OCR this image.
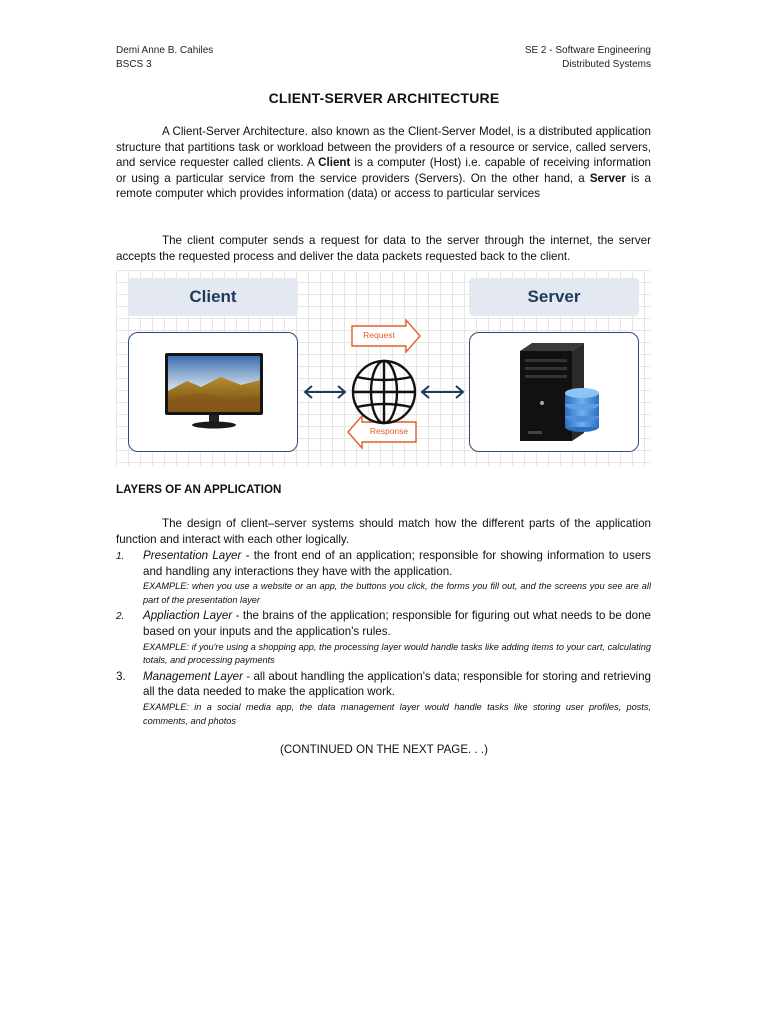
Demi Anne B. Cahiles
BSCS 3
SE 2 - Software Engineering
Distributed Systems
CLIENT-SERVER ARCHITECTURE
A Client-Server Architecture. also known as the Client-Server Model, is a distributed application structure that partitions task or workload between the providers of a resource or service, called servers, and service requester called clients. A Client is a computer (Host) i.e. capable of receiving information or using a particular service from the service providers (Servers). On the other hand, a Server is a remote computer which provides information (data) or access to particular services
The client computer sends a request for data to the server through the internet, the server accepts the requested process and deliver the data packets requested back to the client.
Client	Server
Request
Response
LAYERS OF AN APPLICATION
The design of client–server systems should match how the different parts of the application function and interact with each other logically.
1. Presentation Layer - the front end of an application; responsible for showing information to users and handling any interactions they have with the application.
EXAMPLE: when you use a website or an app, the buttons you click, the forms you fill out, and the screens you see are all part of the presentation layer
2. Appliaction Layer - the brains of the application; responsible for figuring out what needs to be done based on your inputs and the application's rules.
EXAMPLE: if you're using a shopping app, the processing layer would handle tasks like adding items to your cart, calculating totals, and processing payments
3. Management Layer - all about handling the application's data; responsible for storing and retrieving all the data needed to make the application work.
EXAMPLE: in a social media app, the data management layer would handle tasks like storing user profiles, posts, comments, and photos
(CONTINUED ON THE NEXT PAGE. . .)
